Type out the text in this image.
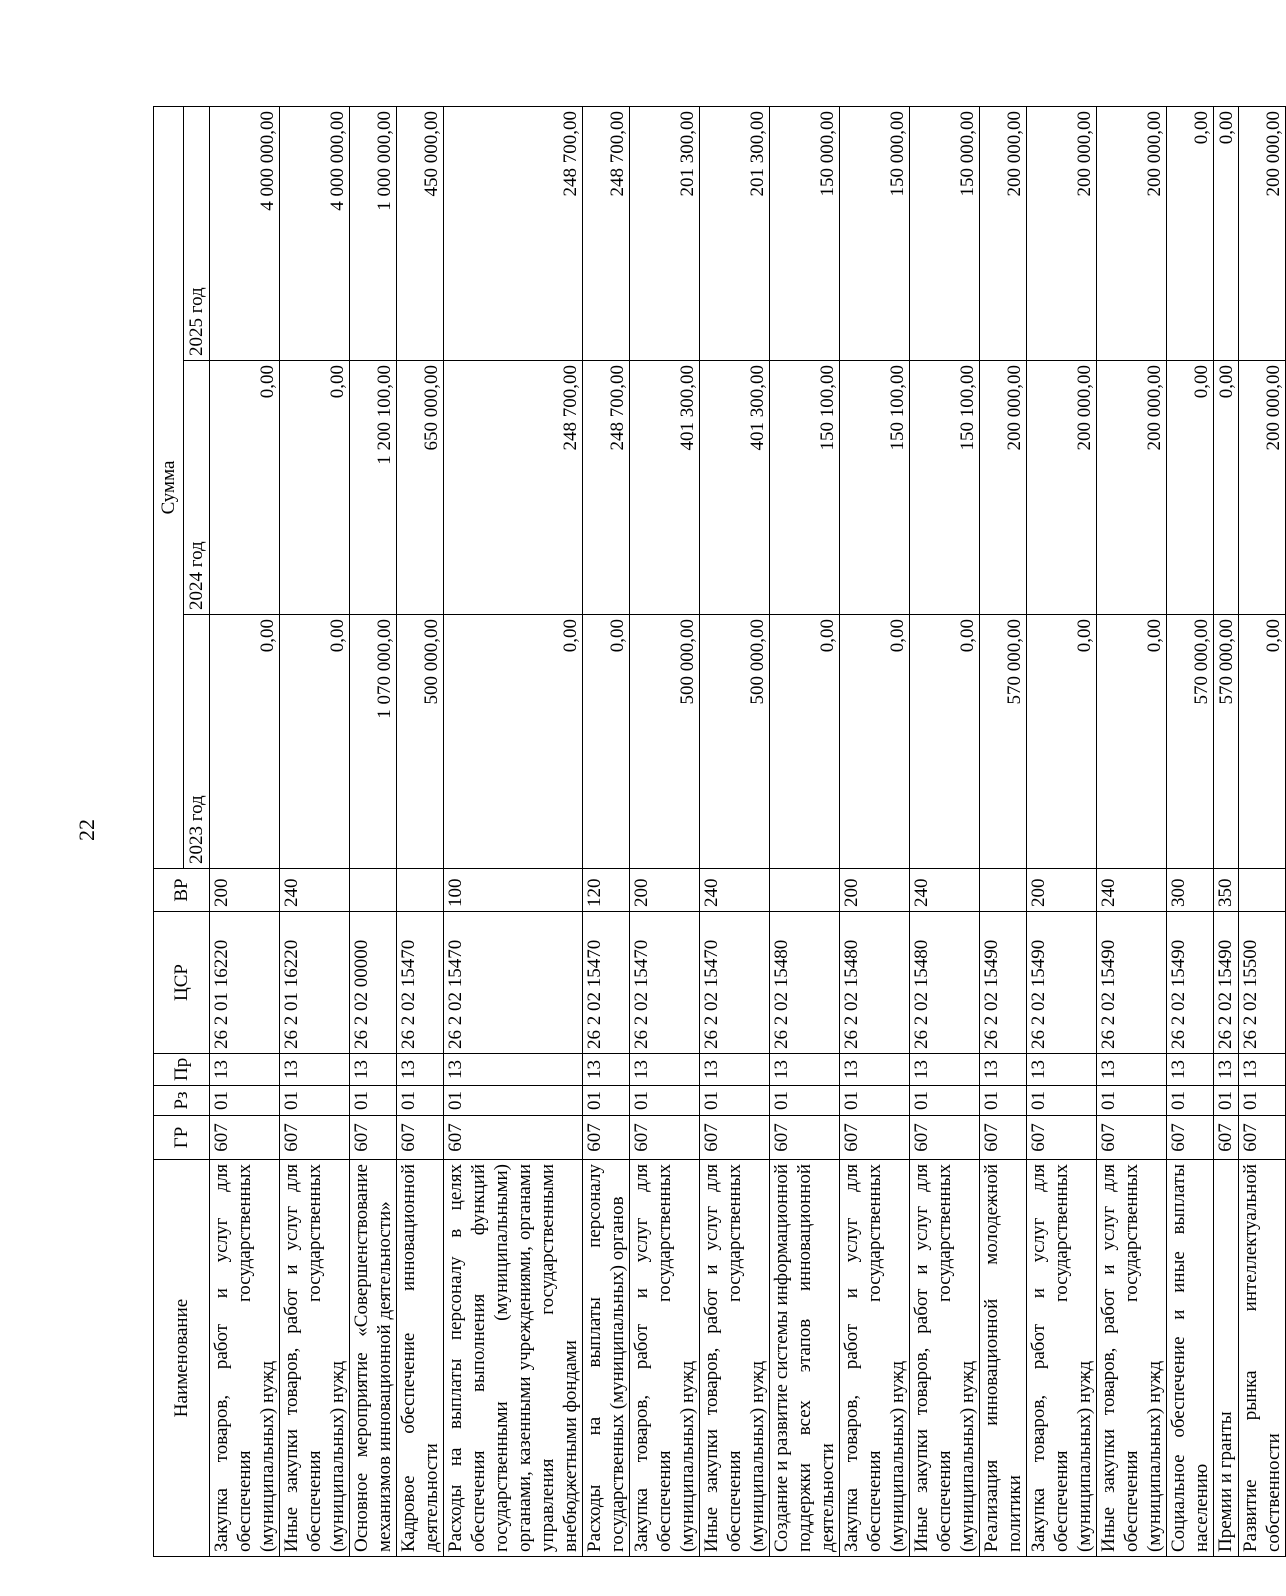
22
Наименование	ГР	Рз	Пр	ЦСР	ВР	Сумма		
						2023 год	2024 год	2025 год
Закупка товаров, работ и услуг для обеспечения государственных (муниципальных) нужд	607	01	13	26 2 01 16220	200	0,00	0,00	4 000 000,00
Иные закупки товаров, работ и услуг для обеспечения государственных (муниципальных) нужд	607	01	13	26 2 01 16220	240	0,00	0,00	4 000 000,00
Основное мероприятие «Совершенствование механизмов инновационной деятельности»	607	01	13	26 2 02 00000		1 070 000,00	1 200 100,00	1 000 000,00
Кадровое обеспечение инновационной деятельности	607	01	13	26 2 02 15470		500 000,00	650 000,00	450 000,00
Расходы на выплаты персоналу в целях обеспечения выполнения функций государственными (муниципальными) органами, казенными учреждениями, органами управления государственными внебюджетными фондами	607	01	13	26 2 02 15470	100	0,00	248 700,00	248 700,00
Расходы на выплаты персоналу государственных (муниципальных) органов	607	01	13	26 2 02 15470	120	0,00	248 700,00	248 700,00
Закупка товаров, работ и услуг для обеспечения государственных (муниципальных) нужд	607	01	13	26 2 02 15470	200	500 000,00	401 300,00	201 300,00
Иные закупки товаров, работ и услуг для обеспечения государственных (муниципальных) нужд	607	01	13	26 2 02 15470	240	500 000,00	401 300,00	201 300,00
Создание и развитие системы информационной поддержки всех этапов инновационной деятельности	607	01	13	26 2 02 15480		0,00	150 100,00	150 000,00
Закупка товаров, работ и услуг для обеспечения государственных (муниципальных) нужд	607	01	13	26 2 02 15480	200	0,00	150 100,00	150 000,00
Иные закупки товаров, работ и услуг для обеспечения государственных (муниципальных) нужд	607	01	13	26 2 02 15480	240	0,00	150 100,00	150 000,00
Реализация инновационной молодежной политики	607	01	13	26 2 02 15490		570 000,00	200 000,00	200 000,00
Закупка товаров, работ и услуг для обеспечения государственных (муниципальных) нужд	607	01	13	26 2 02 15490	200	0,00	200 000,00	200 000,00
Иные закупки товаров, работ и услуг для обеспечения государственных (муниципальных) нужд	607	01	13	26 2 02 15490	240	0,00	200 000,00	200 000,00
Социальное обеспечение и иные выплаты населению	607	01	13	26 2 02 15490	300	570 000,00	0,00	0,00
Премии и гранты	607	01	13	26 2 02 15490	350	570 000,00	0,00	0,00
Развитие рынка интеллектуальной собственности	607	01	13	26 2 02 15500		0,00	200 000,00	200 000,00
